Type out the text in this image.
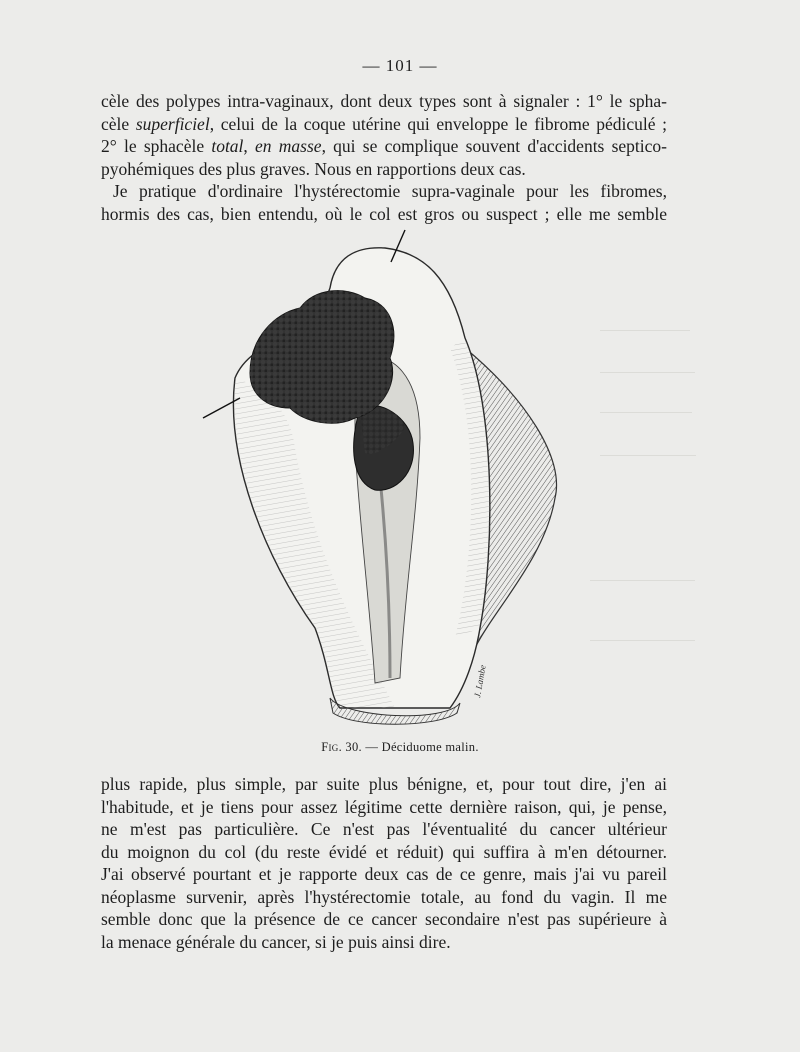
— 101 —

cèle des polypes intra-vaginaux, dont deux types sont à signaler : 1° le spha-
cèle superficiel, celui de la coque utérine qui enveloppe le fibrome pédiculé ;
2° le sphacèle total, en masse, qui se complique souvent d'accidents septico-
pyohémiques des plus graves. Nous en rapportions deux cas.

Je pratique d'ordinaire l'hystérectomie supra-vaginale pour les fibromes,
hormis des cas, bien entendu, où le col est gros ou suspect ; elle me semble

J. Lambe
Fig. 30. — Déciduome malin.

plus rapide, plus simple, par suite plus bénigne, et, pour tout dire, j'en ai
l'habitude, et je tiens pour assez légitime cette dernière raison, qui, je pense,
ne m'est pas particulière. Ce n'est pas l'éventualité du cancer ultérieur
du moignon du col (du reste évidé et réduit) qui suffira à m'en détourner.
J'ai observé pourtant et je rapporte deux cas de ce genre, mais j'ai vu pareil
néoplasme survenir, après l'hystérectomie totale, au fond du vagin. Il me
semble donc que la présence de ce cancer secondaire n'est pas supérieure à
la menace générale du cancer, si je puis ainsi dire.
